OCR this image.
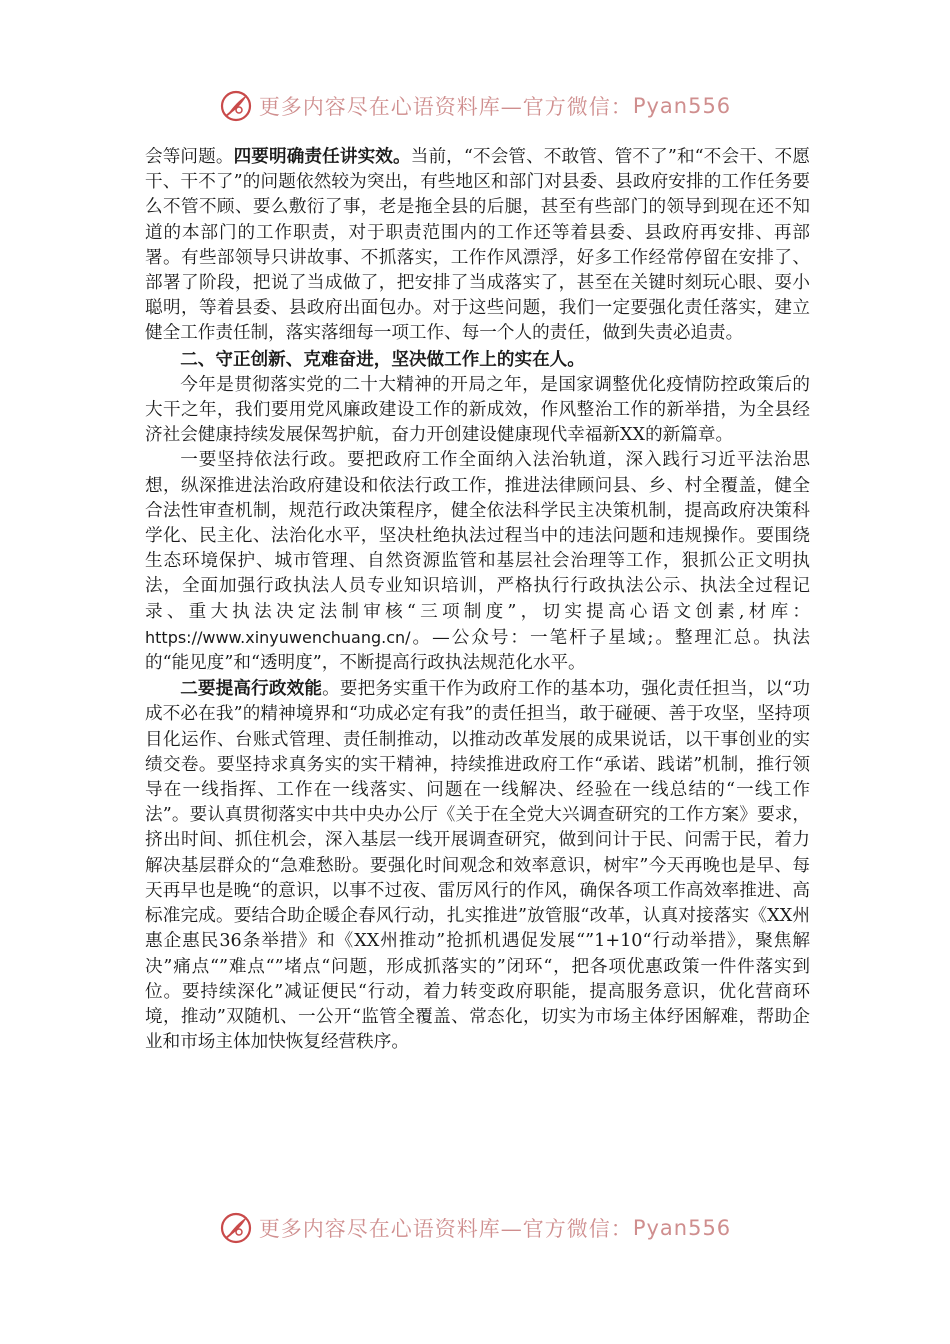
更多内容尽在心语资料库—官方微信： Pyan556

会等问题。四要明确责任讲实效。当前，“不会管、不敢管、管不了”和“不会干、不愿干、干不了”的问题依然较为突出，有些地区和部门对县委、县政府安排的工作任务要么不管不顾、要么敷衍了事，老是拖全县的后腿，甚至有些部门的领导到现在还不知道的本部门的工作职责，对于职责范围内的工作还等着县委、县政府再安排、再部署。有些部领导只讲故事、不抓落实，工作作风漂浮，好多工作经常停留在安排了、部署了阶段，把说了当成做了，把安排了当成落实了，甚至在关键时刻玩心眼、耍小聪明，等着县委、县政府出面包办。对于这些问题，我们一定要强化责任落实，建立健全工作责任制，落实落细每一项工作、每一个人的责任，做到失责必追责。

二、守正创新、克难奋进，坚决做工作上的实在人。

今年是贯彻落实党的二十大精神的开局之年，是国家调整优化疫情防控政策后的大干之年，我们要用党风廉政建设工作的新成效，作风整治工作的新举措，为全县经济社会健康持续发展保驾护航，奋力开创建设健康现代幸福新XX的新篇章。

一要坚持依法行政。要把政府工作全面纳入法治轨道，深入践行习近平法治思想，纵深推进法治政府建设和依法行政工作，推进法律顾问县、乡、村全覆盖，健全合法性审查机制，规范行政决策程序，健全依法科学民主决策机制，提高政府决策科学化、民主化、法治化水平，坚决杜绝执法过程当中的违法问题和违规操作。要围绕生态环境保护、城市管理、自然资源监管和基层社会治理等工作，狠抓公正文明执法，全面加强行政执法人员专业知识培训，严格执行行政执法公示、执法全过程记录、重大执法决定法制审核“三项制度”，切实提高心语文创素,材库：https://www.xinyuwenchuang.cn/。—公众号：一笔杆子星域;。整理汇总。执法的“能见度”和“透明度”，不断提高行政执法规范化水平。

二要提高行政效能。要把务实重干作为政府工作的基本功，强化责任担当，以“功成不必在我”的精神境界和“功成必定有我”的责任担当，敢于碰硬、善于攻坚，坚持项目化运作、台账式管理、责任制推动，以推动改革发展的成果说话，以干事创业的实绩交卷。要坚持求真务实的实干精神，持续推进政府工作“承诺、践诺”机制，推行领导在一线指挥、工作在一线落实、问题在一线解决、经验在一线总结的“一线工作法”。要认真贯彻落实中共中央办公厅《关于在全党大兴调查研究的工作方案》要求，挤出时间、抓住机会，深入基层一线开展调查研究，做到问计于民、问需于民，着力解决基层群众的“急难愁盼。要强化时间观念和效率意识，树牢”今天再晚也是早、每天再早也是晚“的意识，以事不过夜、雷厉风行的作风，确保各项工作高效率推进、高标准完成。要结合助企暖企春风行动，扎实推进”放管服“改革，认真对接落实《XX州惠企惠民36条举措》和《XX州推动”抢抓机遇促发展“”1+10“行动举措》，聚焦解决”痛点“”难点“”堵点“问题，形成抓落实的”闭环“，把各项优惠政策一件件落实到位。要持续深化”减证便民“行动，着力转变政府职能，提高服务意识，优化营商环境，推动”双随机、一公开“监管全覆盖、常态化，切实为市场主体纾困解难，帮助企业和市场主体加快恢复经营秩序。

更多内容尽在心语资料库—官方微信： Pyan556
